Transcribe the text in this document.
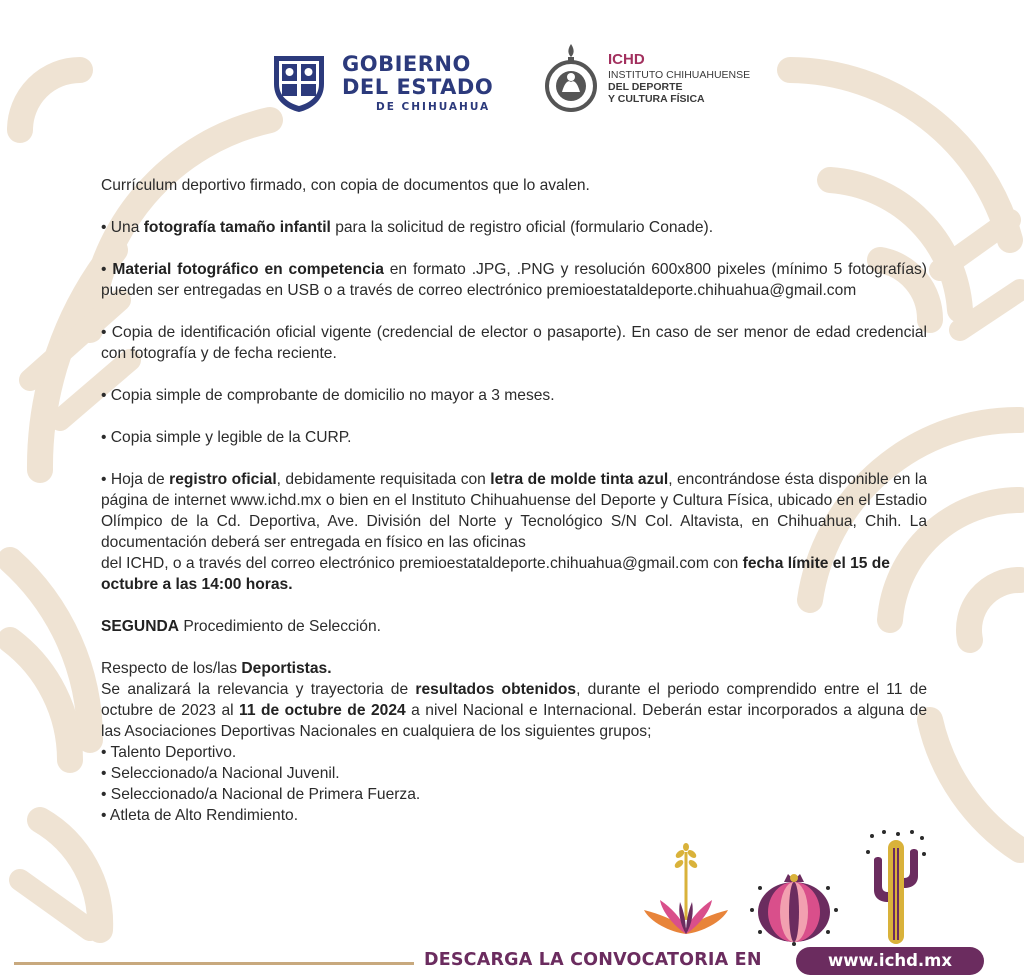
GOBIERNO
DEL ESTADO
DE CHIHUAHUA
ICHD
INSTITUTO CHIHUAHUENSE
DEL DEPORTE
Y CULTURA FÍSICA

Currículum deportivo firmado, con copia de documentos que lo avalen.

• Una fotografía tamaño infantil para la solicitud de registro oficial (formulario Conade).

• Material fotográfico en competencia en formato .JPG, .PNG y resolución 600x800 pixeles (mínimo 5 fotografías) pueden ser entregadas en USB o a través de correo electrónico premioestataldeporte.chihuahua@gmail.com

• Copia de identificación oficial vigente (credencial de elector o pasaporte). En caso de ser menor de edad credencial con fotografía y de fecha reciente.

• Copia simple de comprobante de domicilio no mayor a 3 meses.

• Copia simple y legible de la CURP.

• Hoja de registro oficial, debidamente requisitada con letra de molde tinta azul, encontrándose ésta disponible en la página de internet www.ichd.mx o bien en el Instituto Chihuahuense del Deporte y Cultura Física, ubicado en el Estadio Olímpico de la Cd. Deportiva, Ave. División del Norte y Tecnológico S/N Col. Altavista, en Chihuahua, Chih. La documentación deberá ser entregada en físico en las oficinas

del ICHD, o a través del correo electrónico premioestataldeporte.chihuahua@gmail.com con fecha límite el 15 de octubre a las 14:00 horas.

SEGUNDA Procedimiento de Selección.

Respecto de los/las Deportistas.

Se analizará la relevancia y trayectoria de resultados obtenidos, durante el periodo comprendido entre el 11 de octubre de 2023 al 11 de octubre de 2024 a nivel Nacional e Internacional. Deberán estar incorporados a alguna de las Asociaciones Deportivas Nacionales en cualquiera de los siguientes grupos;

• Talento Deportivo.
• Seleccionado/a Nacional Juvenil.
• Seleccionado/a Nacional de Primera Fuerza.
• Atleta de Alto Rendimiento.
DESCARGA LA CONVOCATORIA EN	www.ichd.mx
